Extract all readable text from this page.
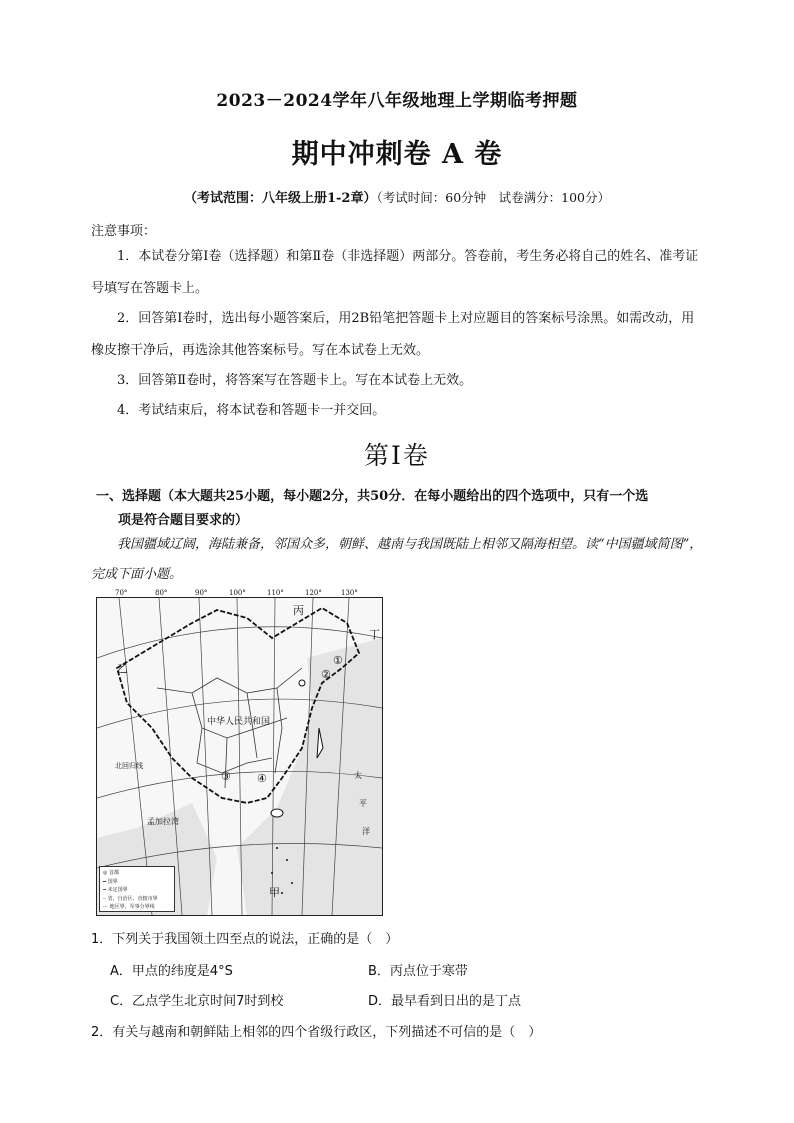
2023－2024学年八年级地理上学期临考押题
期中冲刺卷 A 卷
（考试范围：八年级上册1-2章）（考试时间：60分钟　试卷满分：100分）
注意事项：
1．本试卷分第Ⅰ卷（选择题）和第Ⅱ卷（非选择题）两部分。答卷前，考生务必将自己的姓名、准考证号填写在答题卡上。
2．回答第Ⅰ卷时，选出每小题答案后，用2B铅笔把答题卡上对应题目的答案标号涂黑。如需改动，用橡皮擦干净后，再选涂其他答案标号。写在本试卷上无效。
3．回答第Ⅱ卷时，将答案写在答题卡上。写在本试卷上无效。
4．考试结束后，将本试卷和答题卡一并交回。
第Ⅰ卷
一、选择题（本大题共25小题，每小题2分，共50分．在每小题给出的四个选项中，只有一个选
项是符合题目要求的）
我国疆域辽阔，海陆兼备，邻国众多，朝鲜、越南与我国既陆上相邻又隔海相望。读“中国疆域简图”，完成下面小题。
70°	80°	90°	100°	110°	120°	130°
丙
丁
乙
甲
①
②
③ ④
中华人民共和国
北回归线
孟加拉湾
太
平
洋
◎ 首都
━ 国界
╍ 未定国界
┄ 省、自治区、直辖市界
⋯ 地区界、军事分界线
1．下列关于我国领土四至点的说法，正确的是（　）
A．甲点的纬度是4°S	B．丙点位于寒带
C．乙点学生北京时间7时到校	D．最早看到日出的是丁点
2．有关与越南和朝鲜陆上相邻的四个省级行政区，下列描述不可信的是（　）
